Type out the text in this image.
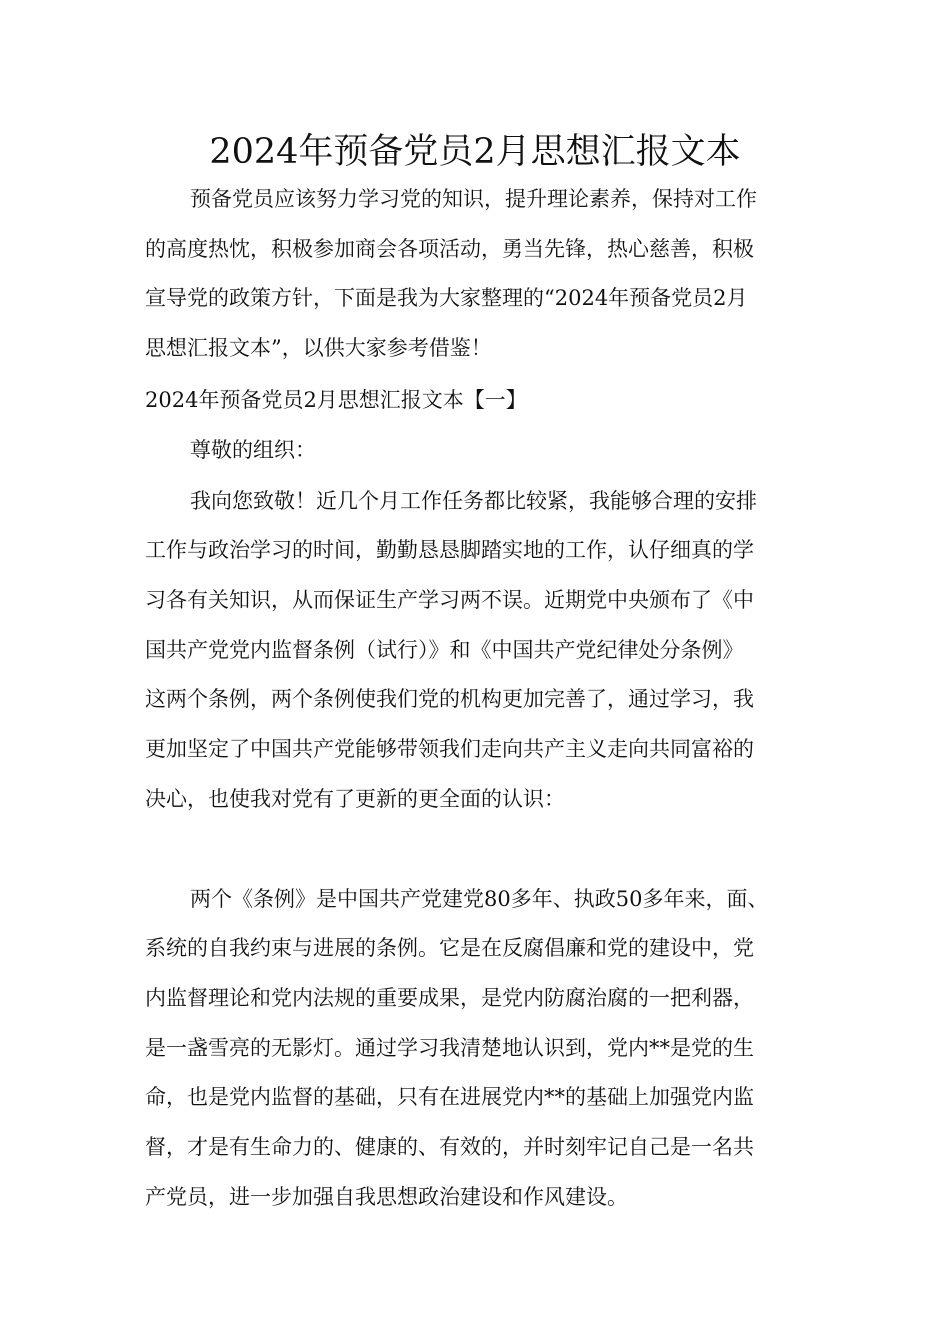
2024年预备党员2月思想汇报文本
预备党员应该努力学习党的知识，提升理论素养，保持对工作
的高度热忱，积极参加商会各项活动，勇当先锋，热心慈善，积极
宣导党的政策方针，下面是我为大家整理的“2024年预备党员2月
思想汇报文本”，以供大家参考借鉴！
2024年预备党员2月思想汇报文本【一】
尊敬的组织：
我向您致敬！近几个月工作任务都比较紧，我能够合理的安排
工作与政治学习的时间，勤勤恳恳脚踏实地的工作，认仔细真的学
习各有关知识，从而保证生产学习两不误。近期党中央颁布了《中
国共产党党内监督条例（试行）》和《中国共产党纪律处分条例》
这两个条例，两个条例使我们党的机构更加完善了，通过学习，我
更加坚定了中国共产党能够带领我们走向共产主义走向共同富裕的
决心，也使我对党有了更新的更全面的认识：
两个《条例》是中国共产党建党80多年、执政50多年来，面、
系统的自我约束与进展的条例。它是在反腐倡廉和党的建设中，党
内监督理论和党内法规的重要成果，是党内防腐治腐的一把利器，
是一盏雪亮的无影灯。通过学习我清楚地认识到，党内**是党的生
命，也是党内监督的基础，只有在进展党内**的基础上加强党内监
督，才是有生命力的、健康的、有效的，并时刻牢记自己是一名共
产党员，进一步加强自我思想政治建设和作风建设。
